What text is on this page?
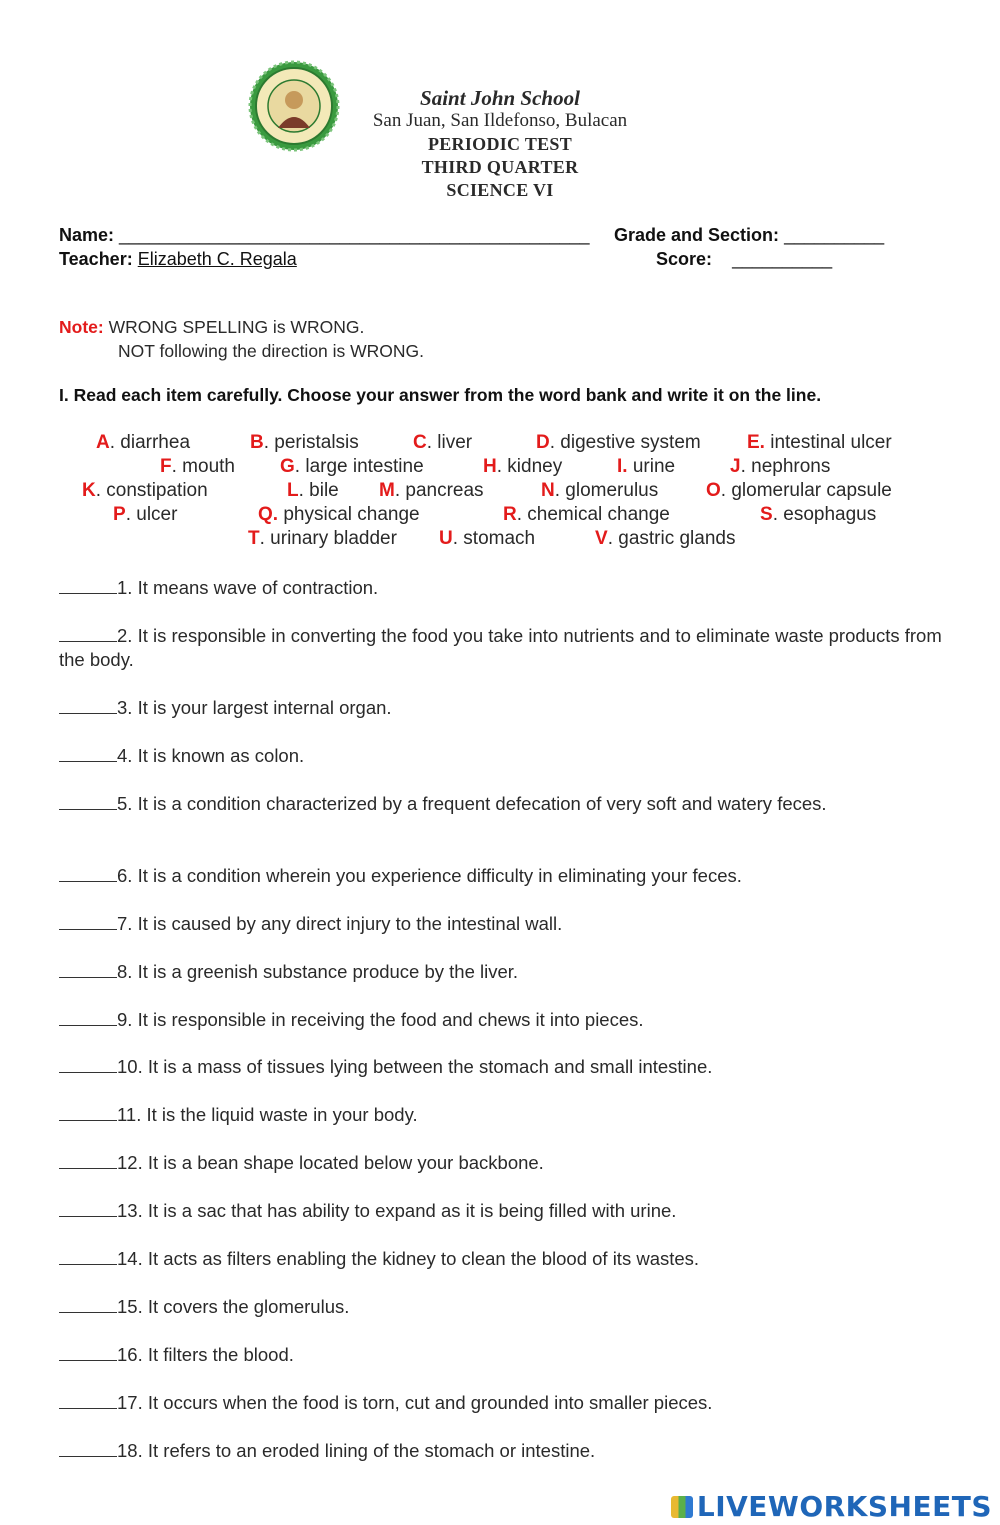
Saint John School
San Juan, San Ildefonso, Bulacan
PERIODIC TEST
THIRD QUARTER
SCIENCE VI
Name: _______________________________________________ Grade and Section: __________
Teacher: Elizabeth C. Regala	Score: __________
Note: WRONG SPELLING is WRONG.
NOT following the direction is WRONG.
I. Read each item carefully. Choose your answer from the word bank and write it on the line.
A. diarrhea	B. peristalsis	C. liver	D. digestive system E. intestinal ulcer
F. mouth G. large intestine	H. kidney	I. urine	J. nephrons
K. constipation	L. bile M. pancreas	N. glomerulus	O. glomerular capsule
P. ulcer	Q. physical change	R. chemical change	S. esophagus
T. urinary bladder U. stomach	V. gastric glands
1. It means wave of contraction.
2. It is responsible in converting the food you take into nutrients and to eliminate waste products from the body.
3. It is your largest internal organ.
4. It is known as colon.
5. It is a condition characterized by a frequent defecation of very soft and watery feces.
6. It is a condition wherein you experience difficulty in eliminating your feces.
7. It is caused by any direct injury to the intestinal wall.
8. It is a greenish substance produce by the liver.
9. It is responsible in receiving the food and chews it into pieces.
10. It is a mass of tissues lying between the stomach and small intestine.
11. It is the liquid waste in your body.
12. It is a bean shape located below your backbone.
13. It is a sac that has ability to expand as it is being filled with urine.
14. It acts as filters enabling the kidney to clean the blood of its wastes.
15. It covers the glomerulus.
16. It filters the blood.
17. It occurs when the food is torn, cut and grounded into smaller pieces.
18. It refers to an eroded lining of the stomach or intestine.
LIVEWORKSHEETS
